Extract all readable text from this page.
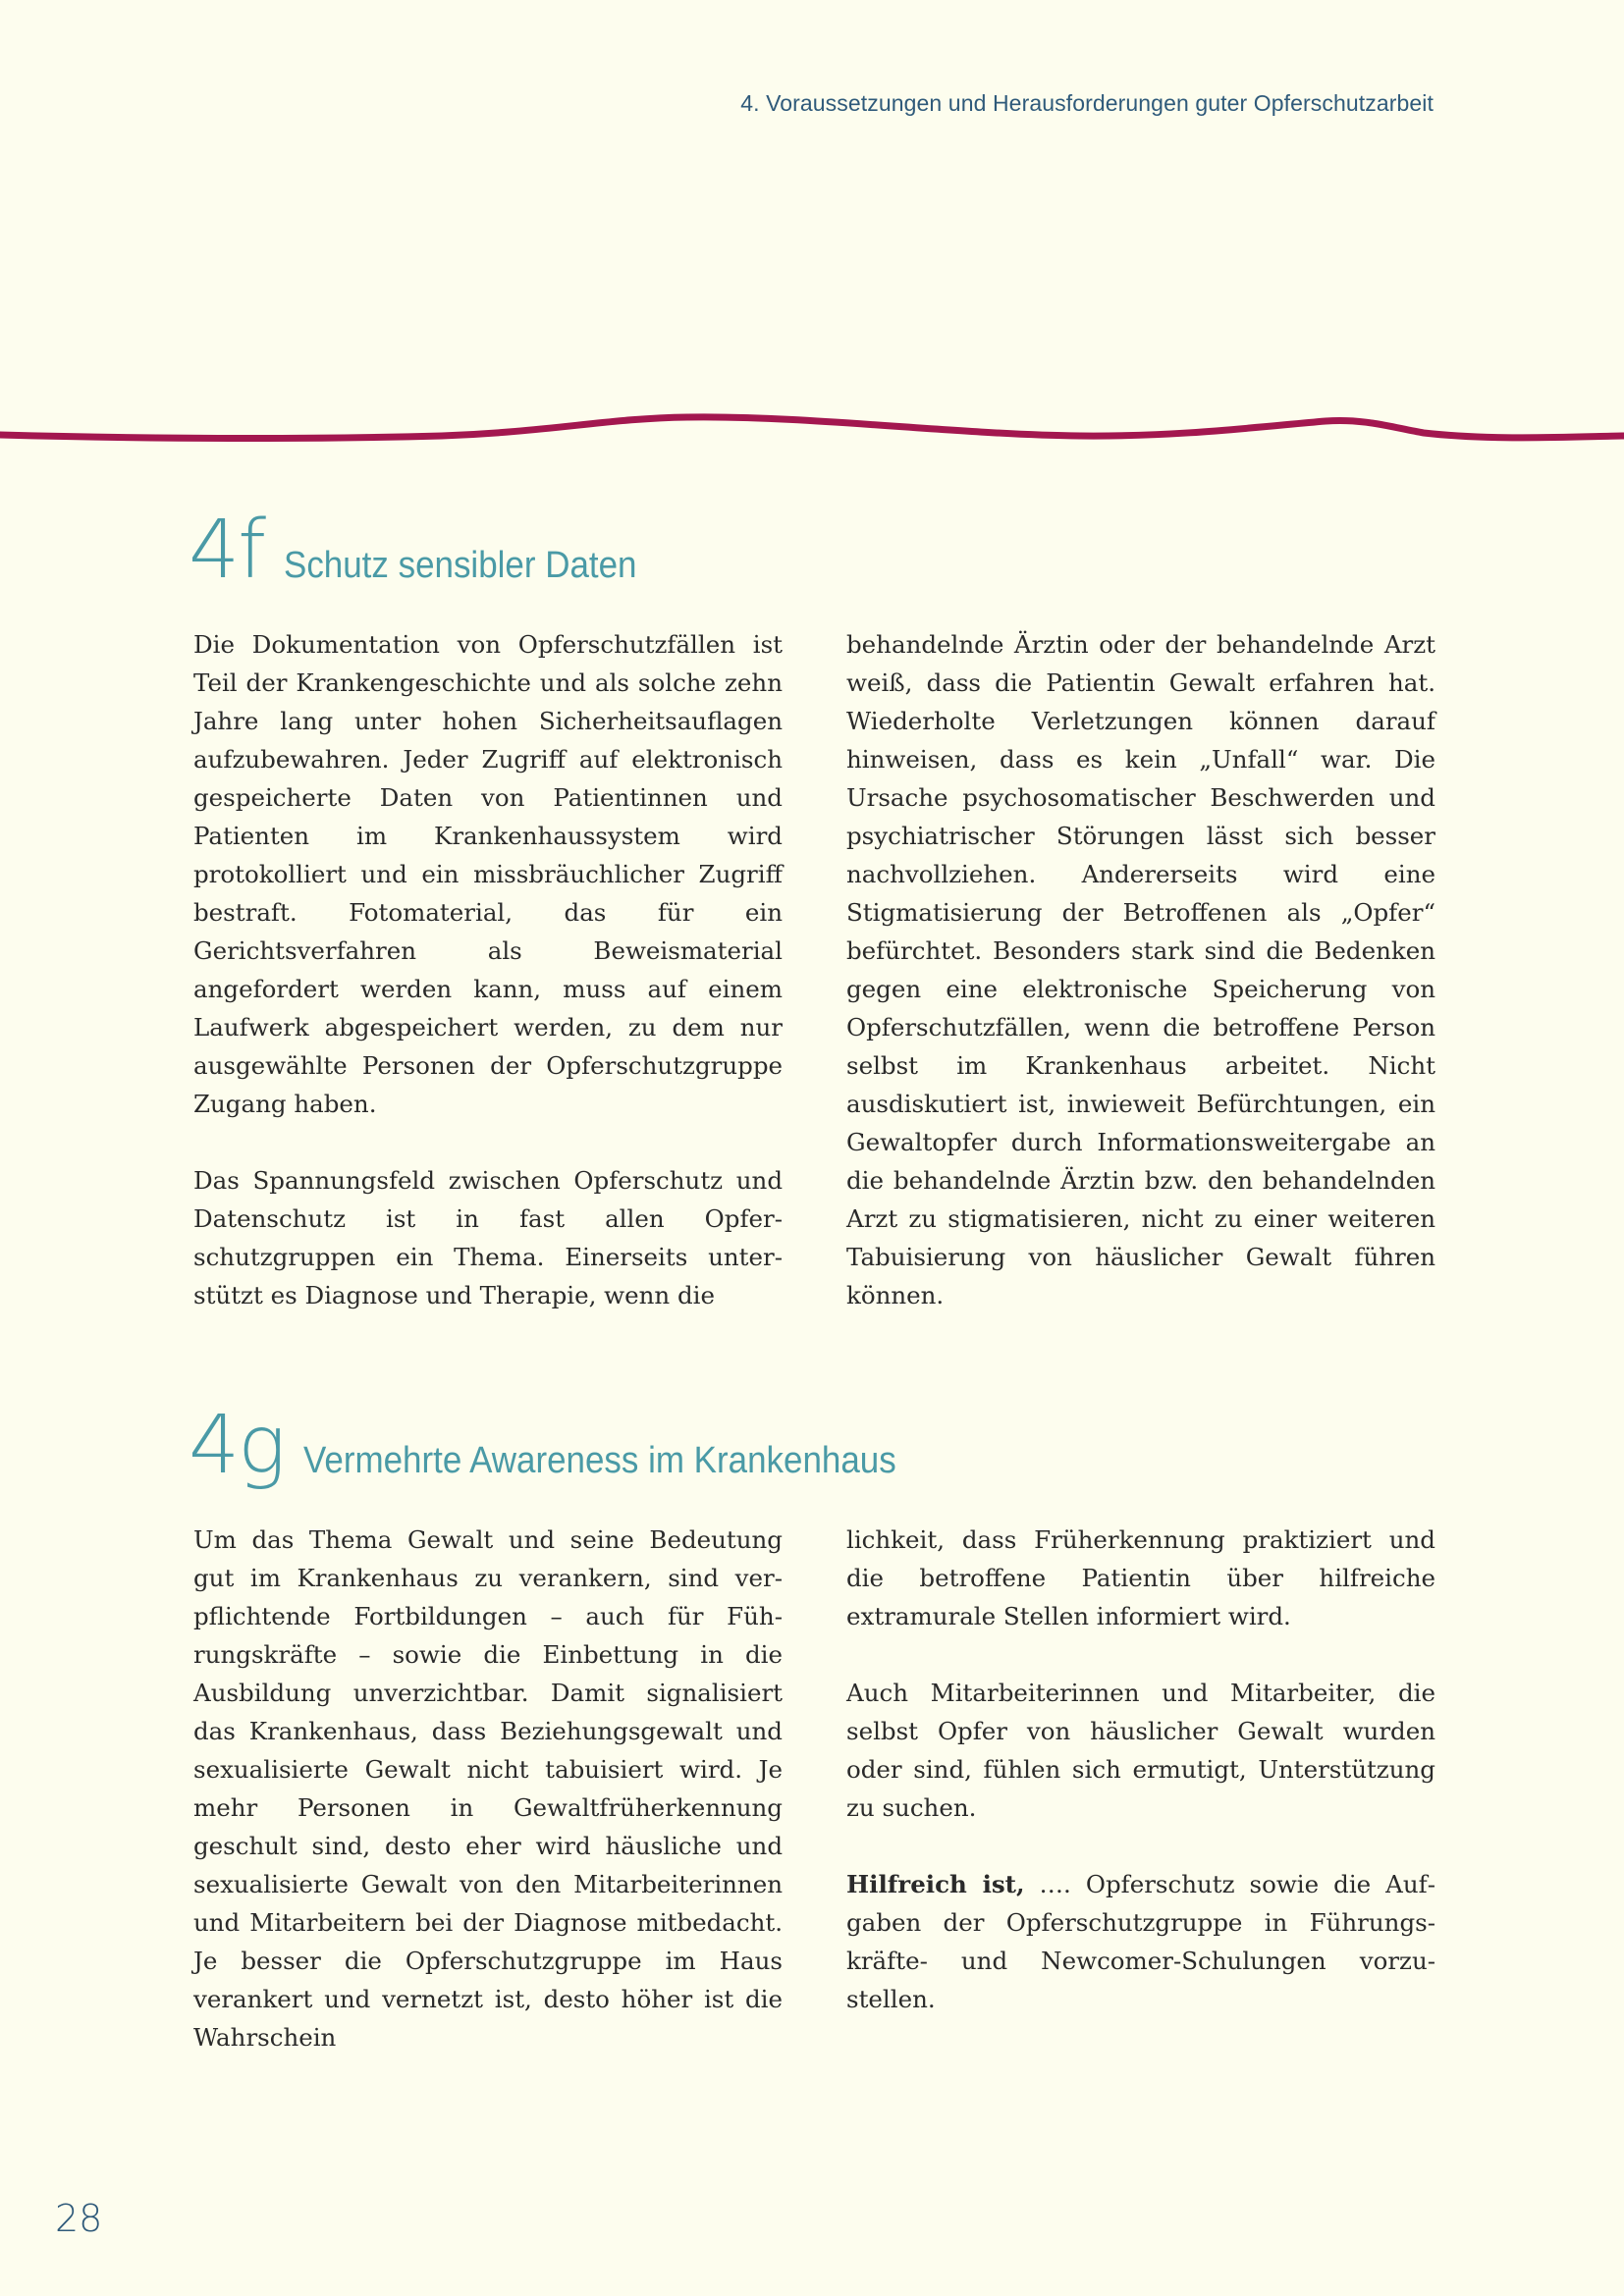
4. Voraussetzungen und Herausforderungen guter Opferschutzarbeit
4f Schutz sensibler Daten

Die Dokumentation von Opferschutzfällen ist Teil der Krankengeschichte und als solche zehn Jahre lang unter hohen Sicherheitsauflagen aufzubewahren. Jeder Zugriff auf elektronisch gespeicherte Daten von Patientinnen und Patienten im Krankenhaussystem wird protokolliert und ein missbräuchlicher Zugriff bestraft. Fotomaterial, das für ein Gerichtsverfahren als Beweismaterial angefordert werden kann, muss auf einem Laufwerk abgespeichert werden, zu dem nur ausgewählte Personen der Opferschutzgruppe Zugang haben.

Das Spannungsfeld zwischen Opferschutz und Datenschutz ist in fast allen Opferschutzgruppen ein Thema. Einerseits unterstützt es Diagnose und Therapie, wenn die

behandelnde Ärztin oder der behandelnde Arzt weiß, dass die Patientin Gewalt erfahren hat. Wiederholte Verletzungen können darauf hinweisen, dass es kein „Unfall“ war. Die Ursache psychosomatischer Beschwerden und psychiatrischer Störungen lässt sich besser nachvollziehen. Andererseits wird eine Stigmatisierung der Betroffenen als „Opfer“ befürchtet. Besonders stark sind die Bedenken gegen eine elektronische Speicherung von Opferschutzfällen, wenn die betroffene Person selbst im Krankenhaus arbeitet. Nicht ausdiskutiert ist, inwieweit Befürchtungen, ein Gewaltopfer durch Informationsweitergabe an die behandelnde Ärztin bzw. den behandelnden Arzt zu stigmatisieren, nicht zu einer weiteren Tabuisierung von häuslicher Gewalt führen können.

4g Vermehrte Awareness im Krankenhaus

Um das Thema Gewalt und seine Bedeutung gut im Krankenhaus zu verankern, sind verpflichtende Fortbildungen – auch für Führungskräfte – sowie die Einbettung in die Ausbildung unverzichtbar. Damit signalisiert das Krankenhaus, dass Beziehungsgewalt und sexualisierte Gewalt nicht tabuisiert wird. Je mehr Personen in Gewaltfrüherkennung geschult sind, desto eher wird häusliche und sexualisierte Gewalt von den Mitarbeiterinnen und Mitarbeitern bei der Diagnose mitbedacht. Je besser die Opferschutzgruppe im Haus verankert und vernetzt ist, desto höher ist die Wahrschein

lichkeit, dass Früherkennung praktiziert und die betroffene Patientin über hilfreiche extramurale Stellen informiert wird.

Auch Mitarbeiterinnen und Mitarbeiter, die selbst Opfer von häuslicher Gewalt wurden oder sind, fühlen sich ermutigt, Unterstützung zu suchen.

Hilfreich ist, …. Opferschutz sowie die Aufgaben der Opferschutzgruppe in Führungskräfte- und Newcomer-Schulungen vorzustellen.

28
